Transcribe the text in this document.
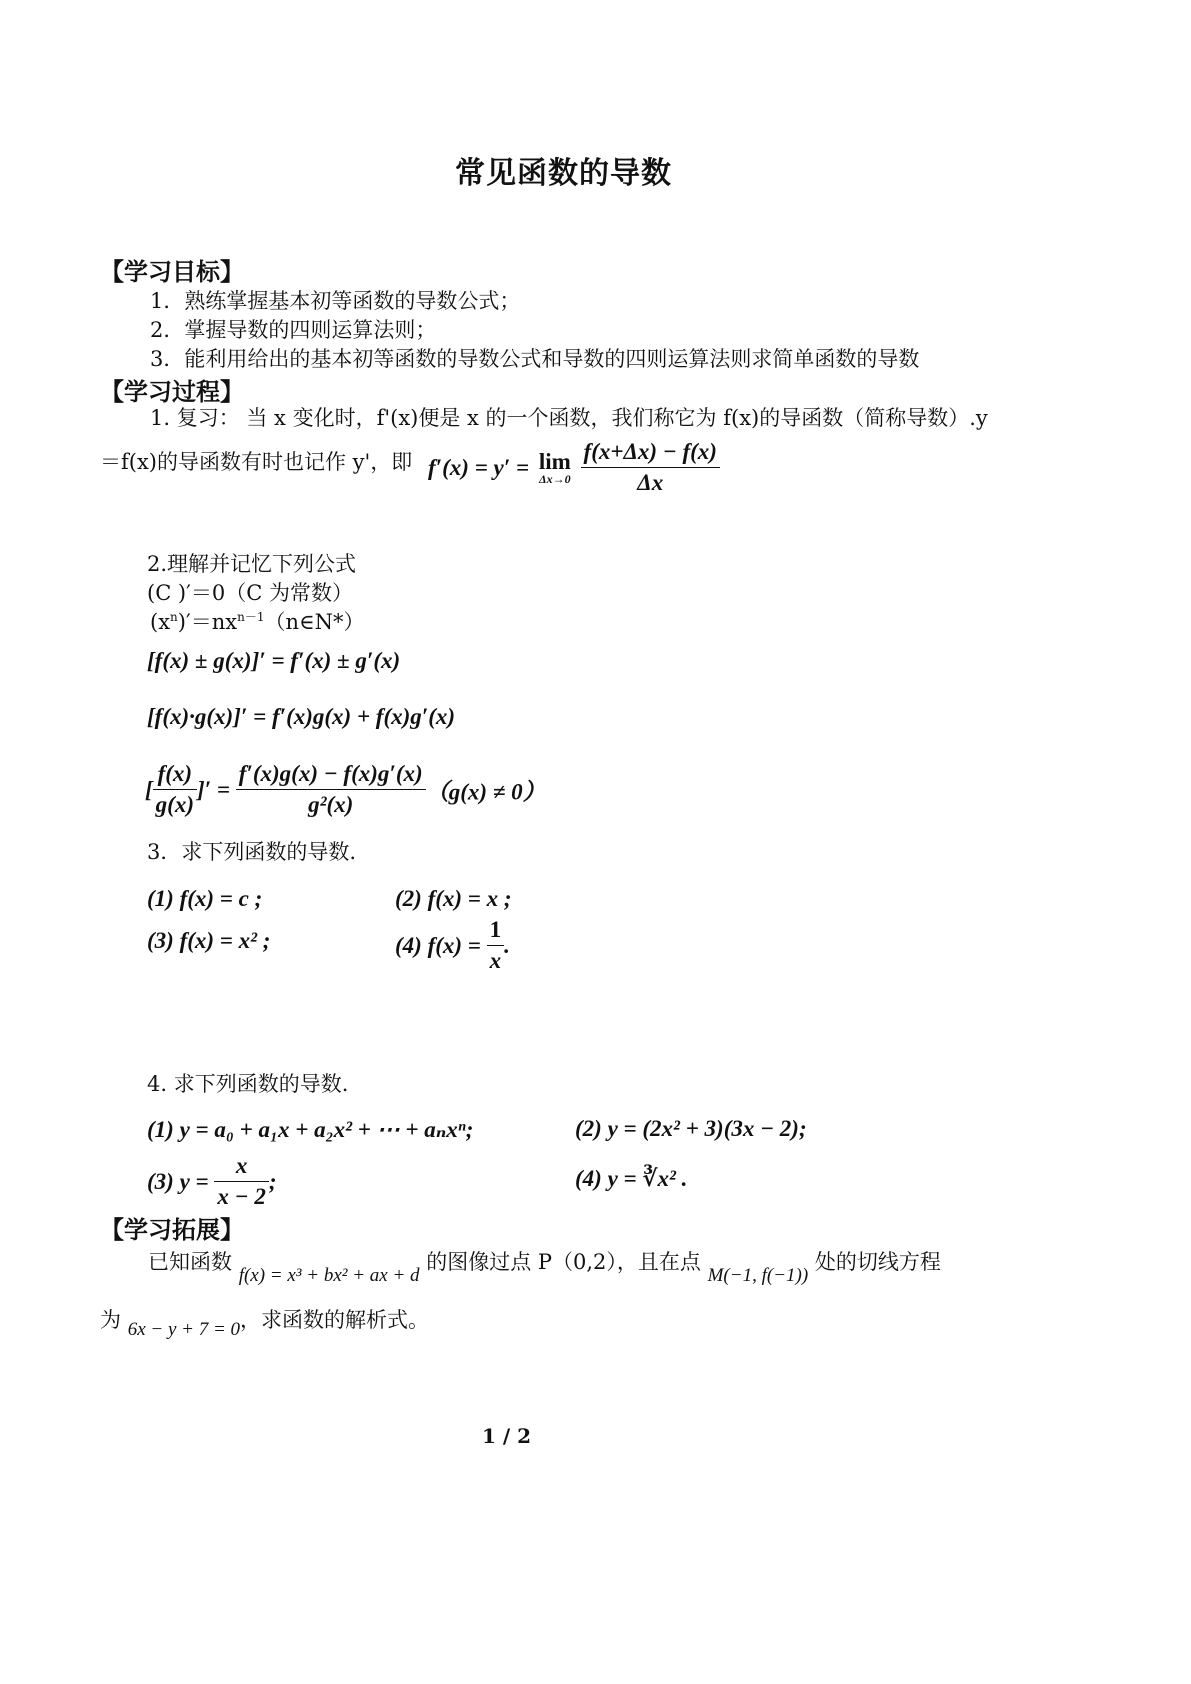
常见函数的导数
【学习目标】
1．熟练掌握基本初等函数的导数公式；
2．掌握导数的四则运算法则；
3．能利用给出的基本初等函数的导数公式和导数的四则运算法则求简单函数的导数
【学习过程】
1. 复习： 当 x 变化时，f'(x)便是 x 的一个函数，我们称它为 f(x)的导函数（简称导数）.y
＝f(x)的导函数有时也记作 y'，即 f′(x) = y′ = lim
Δx→0
$\frac{f(x+\Delta x) - f(x)}{\Delta x}$
2.理解并记忆下列公式
(C )′＝0（C 为常数）
$(x^n)'=nx^{n-1}(n\in N*)$
[f(x) ± g(x)]′ = f′(x) ± g′(x)
[f(x)·g(x)]′ = f′(x)g(x) + f(x)g′(x)
[ $\frac{f(x)}{g(x)}$ ]′ = $\frac{f'(x)g(x) - f(x)g'(x)}{\text{g²(x)}} (g(x) \ne 0)$
3．求下列函数的导数.
(1) f(x) = c ;	(2) f(x) = x ;
(3) f(x) = x² ;	(4) $f(x) = \frac{1}{x}$ .
4. 求下列函数的导数.
(1) y = a₀ + a₁x + a₂x² + ⋯ + aₙxⁿ;	(2) y = (2x² + 3)(3x − 2);
(3) $y = \frac{x}{x - 2}$ ;	(4) y = ∛x² .
【学习拓展】
已知函数 f(x) = x³ + bx² + ax + d 的图像过点 P（0,2），且在点 M(−1, f(−1)) 处的切线方程
为 6x − y + 7 = 0，求函数的解析式。
1 / 2
